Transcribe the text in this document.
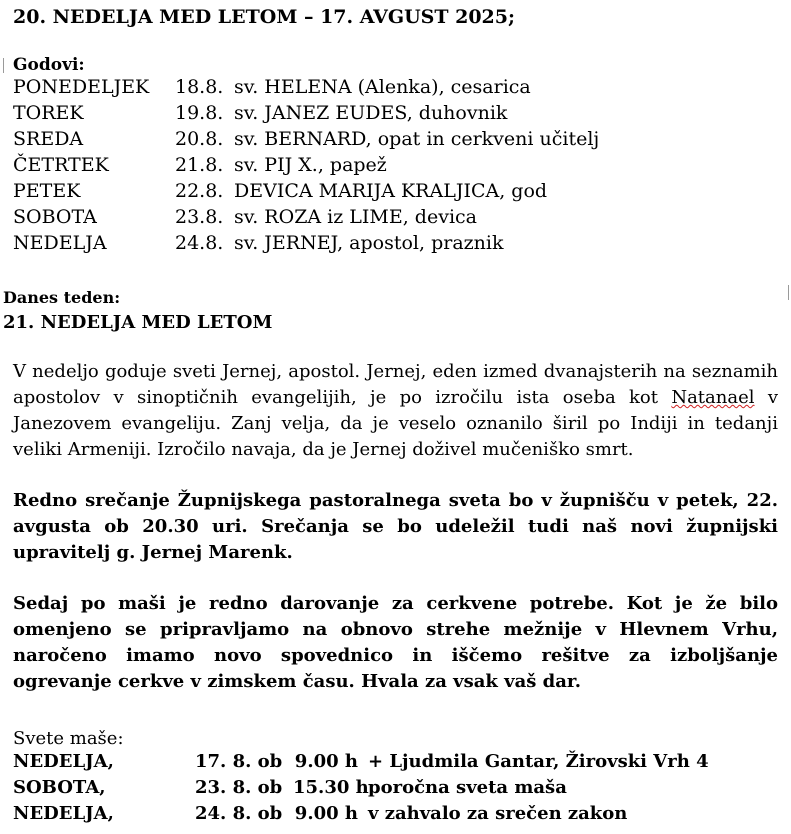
20. NEDELJA MED LETOM – 17. AVGUST 2025;
Godovi:
PONEDELJEK 18.8. sv. HELENA (Alenka), cesarica
TOREK	19.8. sv. JANEZ EUDES, duhovnik
SREDA	20.8. sv. BERNARD, opat in cerkveni učitelj
ČETRTEK	21.8. sv. PIJ X., papež
PETEK	22.8. DEVICA MARIJA KRALJICA, god
SOBOTA	23.8. sv. ROZA iz LIME, devica
NEDELJA	24.8. sv. JERNEJ, apostol, praznik
Danes teden:
21. NEDELJA MED LETOM

V nedeljo goduje sveti Jernej, apostol. Jernej, eden izmed dvanajsterih na seznamih apostolov v sinoptičnih evangelijih, je po izročilu ista oseba kot Natanael v Janezovem evangeliju. Zanj velja, da je veselo oznanilo širil po Indiji in tedanji veliki Armeniji. Izročilo navaja, da je Jernej doživel mučeniško smrt.

Redno srečanje Župnijskega pastoralnega sveta bo v župnišču v petek, 22. avgusta ob 20.30 uri. Srečanja se bo udeležil tudi naš novi župnijski upravitelj g. Jernej Marenk.

Sedaj po maši je redno darovanje za cerkvene potrebe. Kot je že bilo omenjeno se pripravljamo na obnovo strehe mežnije v Hlevnem Vrhu, naročeno imamo novo spovednico in iščemo rešitve za izboljšanje ogrevanje cerkve v zimskem času. Hvala za vsak vaš dar.

Svete maše:
NEDELJA,	17. 8. ob 9.00 h + Ljudmila Gantar, Žirovski Vrh 4
SOBOTA,	23. 8. ob 15.30 h poročna sveta maša
NEDELJA,	24. 8. ob 9.00 h v zahvalo za srečen zakon
